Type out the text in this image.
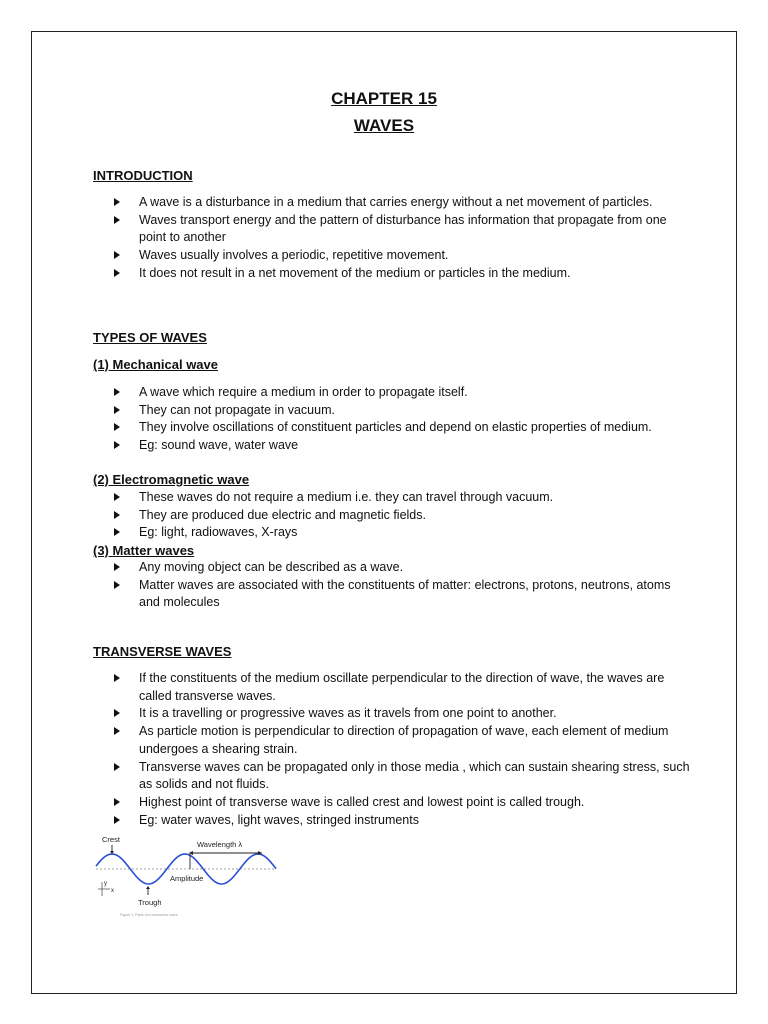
CHAPTER 15
WAVES
INTRODUCTION
A wave is a disturbance in a medium that carries energy without a net movement of particles.
Waves transport energy and the pattern of disturbance has information that propagate from one point to another
Waves usually involves a periodic, repetitive movement.
It does not result in a net movement of the medium or particles in the medium.
TYPES OF WAVES
(1) Mechanical wave
A wave which require a medium in order to propagate itself.
They can not propagate in vacuum.
They involve oscillations of constituent particles and depend on elastic properties of medium.
Eg: sound wave, water wave
(2) Electromagnetic wave
These waves do not require a medium i.e. they can travel through vacuum.
They are produced due electric and magnetic fields.
Eg: light, radiowaves, X-rays
(3) Matter waves
Any moving object can be described as a wave.
Matter waves are associated with the constituents of matter: electrons, protons, neutrons, atoms and molecules
TRANSVERSE WAVES
If the constituents of the medium oscillate perpendicular to the direction of wave, the waves are called transverse waves.
It is a travelling or progressive waves as it travels from one point to another.
As particle motion is perpendicular to direction of propagation of wave, each element of medium undergoes a shearing strain.
Transverse waves can be propagated only in those media , which can sustain shearing stress, such as solids and not fluids.
Highest point of transverse wave is called crest and lowest point is called trough.
Eg: water waves, light waves, stringed instruments
Crest
Trough
Wavelength λ
Amplitude
y
x
Figure 1: Parts of a transverse wave.
